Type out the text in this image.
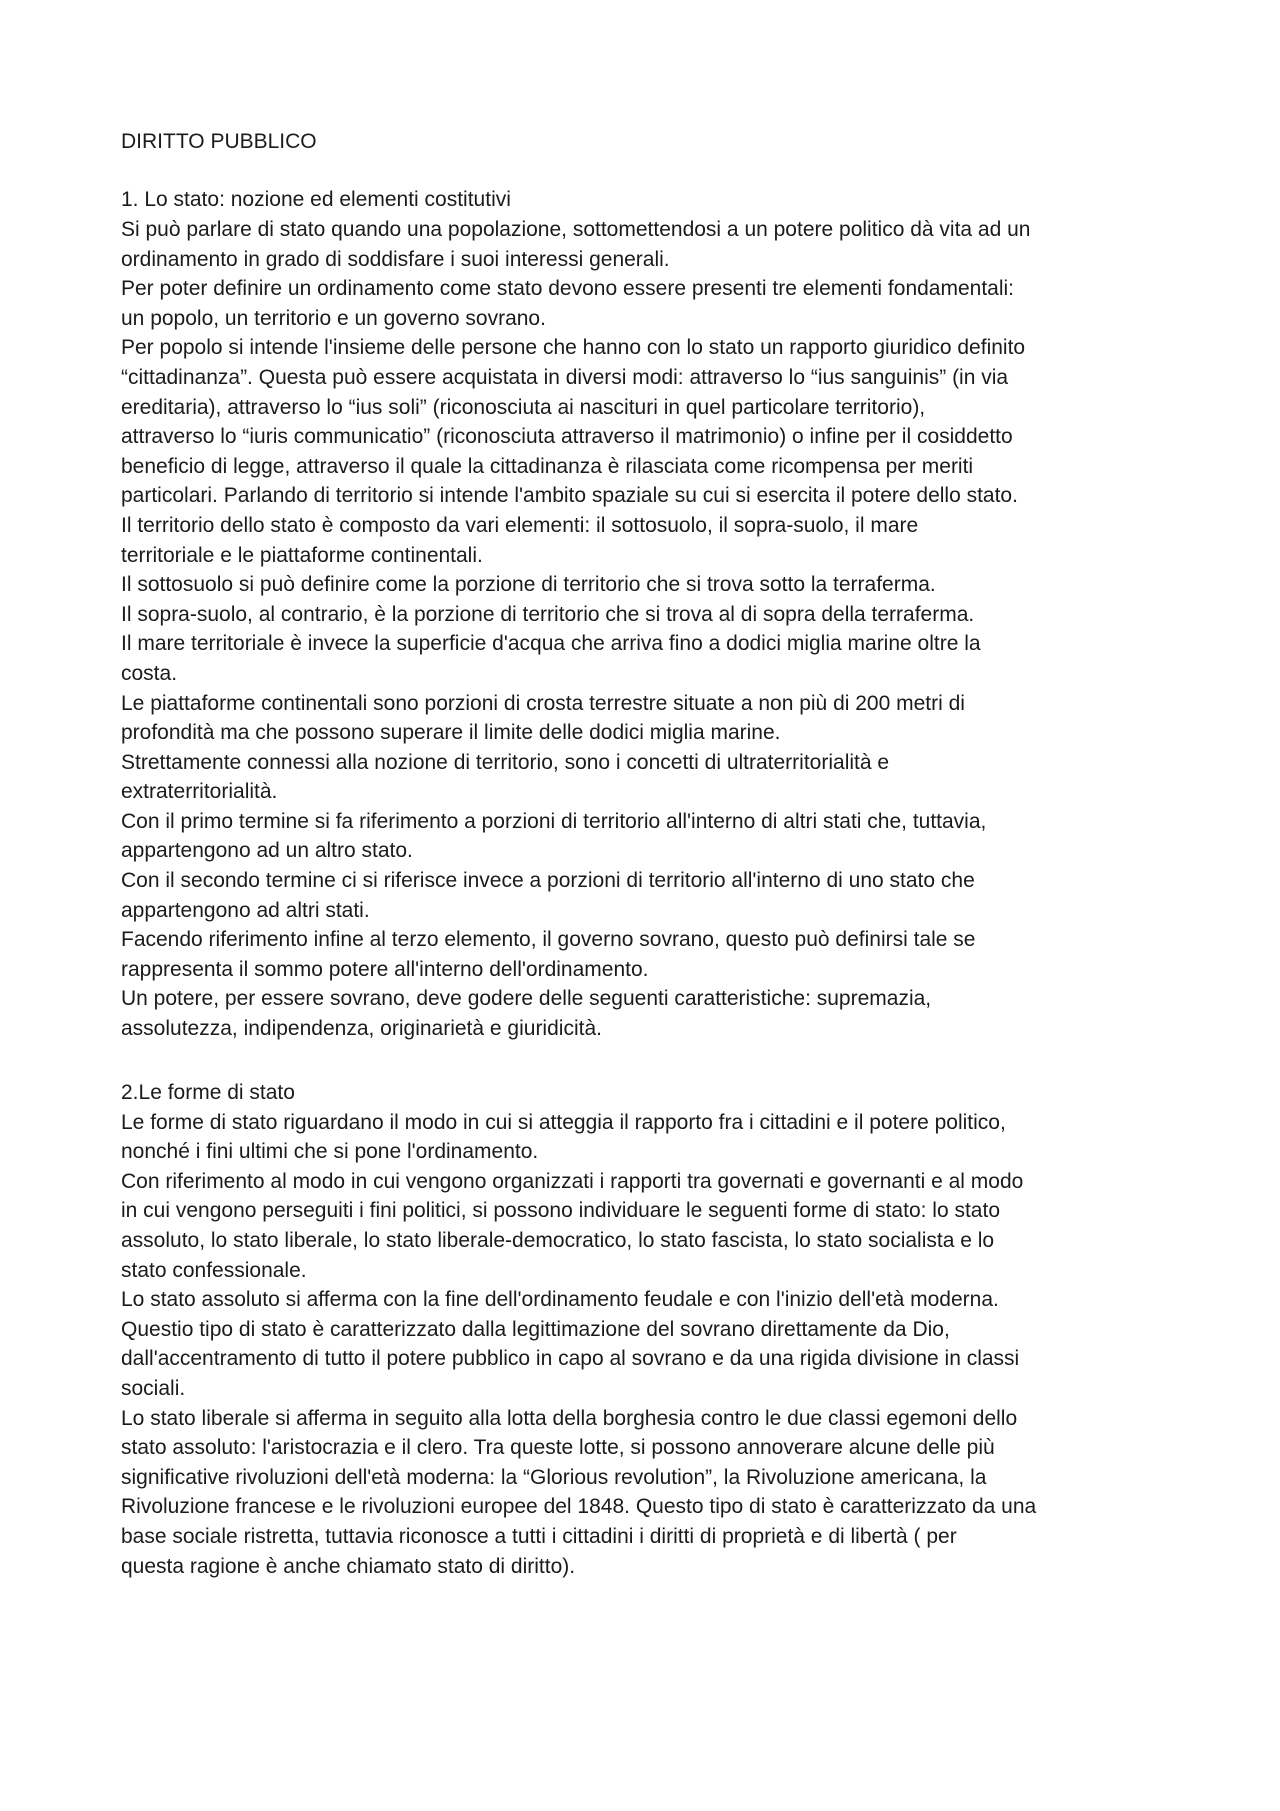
DIRITTO PUBBLICO
1. Lo stato: nozione ed elementi costitutivi
Si può parlare di stato quando una popolazione, sottomettendosi a un potere politico dà vita ad un
ordinamento in grado di soddisfare i suoi interessi generali.
Per poter definire un ordinamento come stato devono essere presenti tre elementi fondamentali:
un popolo, un territorio e un governo sovrano.
Per popolo si intende l'insieme delle persone che hanno con lo stato un rapporto giuridico definito
“cittadinanza”. Questa può essere acquistata in diversi modi: attraverso lo “ius sanguinis” (in via
ereditaria), attraverso lo “ius soli” (riconosciuta ai nascituri in quel particolare territorio),
attraverso lo “iuris communicatio” (riconosciuta attraverso il matrimonio) o infine per il cosiddetto
beneficio di legge, attraverso il quale la cittadinanza è rilasciata come ricompensa per meriti
particolari. Parlando di territorio si intende l'ambito spaziale su cui si esercita il potere dello stato.
Il territorio dello stato è composto da vari elementi: il sottosuolo, il sopra-suolo, il mare
territoriale e le piattaforme continentali.
Il sottosuolo si può definire come la porzione di territorio che si trova sotto la terraferma.
Il sopra-suolo, al contrario, è la porzione di territorio che si trova al di sopra della terraferma.
Il mare territoriale è invece la superficie d'acqua che arriva fino a dodici miglia marine oltre la
costa.
Le piattaforme continentali sono porzioni di crosta terrestre situate a non più di 200 metri di
profondità ma che possono superare il limite delle dodici miglia marine.
Strettamente connessi alla nozione di territorio, sono i concetti di ultraterritorialità e
extraterritorialità.
Con il primo termine si fa riferimento a porzioni di territorio all'interno di altri stati che, tuttavia,
appartengono ad un altro stato.
Con il secondo termine ci si riferisce invece a porzioni di territorio all'interno di uno stato che
appartengono ad altri stati.
Facendo riferimento infine al terzo elemento, il governo sovrano, questo può definirsi tale se
rappresenta il sommo potere all'interno dell'ordinamento.
Un potere, per essere sovrano, deve godere delle seguenti caratteristiche: supremazia,
assolutezza, indipendenza, originarietà e giuridicità.
2.Le forme di stato
Le forme di stato riguardano il modo in cui si atteggia il rapporto fra i cittadini e il potere politico,
nonché i fini ultimi che si pone l'ordinamento.
Con riferimento al modo in cui vengono organizzati i rapporti tra governati e governanti e al modo
in cui vengono perseguiti i fini politici, si possono individuare le seguenti forme di stato: lo stato
assoluto, lo stato liberale, lo stato liberale-democratico, lo stato fascista, lo stato socialista e lo
stato confessionale.
Lo stato assoluto si afferma con la fine dell'ordinamento feudale e con l'inizio dell'età moderna.
Questio tipo di stato è caratterizzato dalla legittimazione del sovrano direttamente da Dio,
dall'accentramento di tutto il potere pubblico in capo al sovrano e da una rigida divisione in classi
sociali.
Lo stato liberale si afferma in seguito alla lotta della borghesia contro le due classi egemoni dello
stato assoluto: l'aristocrazia e il clero. Tra queste lotte, si possono annoverare alcune delle più
significative rivoluzioni dell'età moderna: la “Glorious revolution”, la Rivoluzione americana, la
Rivoluzione francese e le rivoluzioni europee del 1848. Questo tipo di stato è caratterizzato da una
base sociale ristretta, tuttavia riconosce a tutti i cittadini i diritti di proprietà e di libertà ( per
questa ragione è anche chiamato stato di diritto).
